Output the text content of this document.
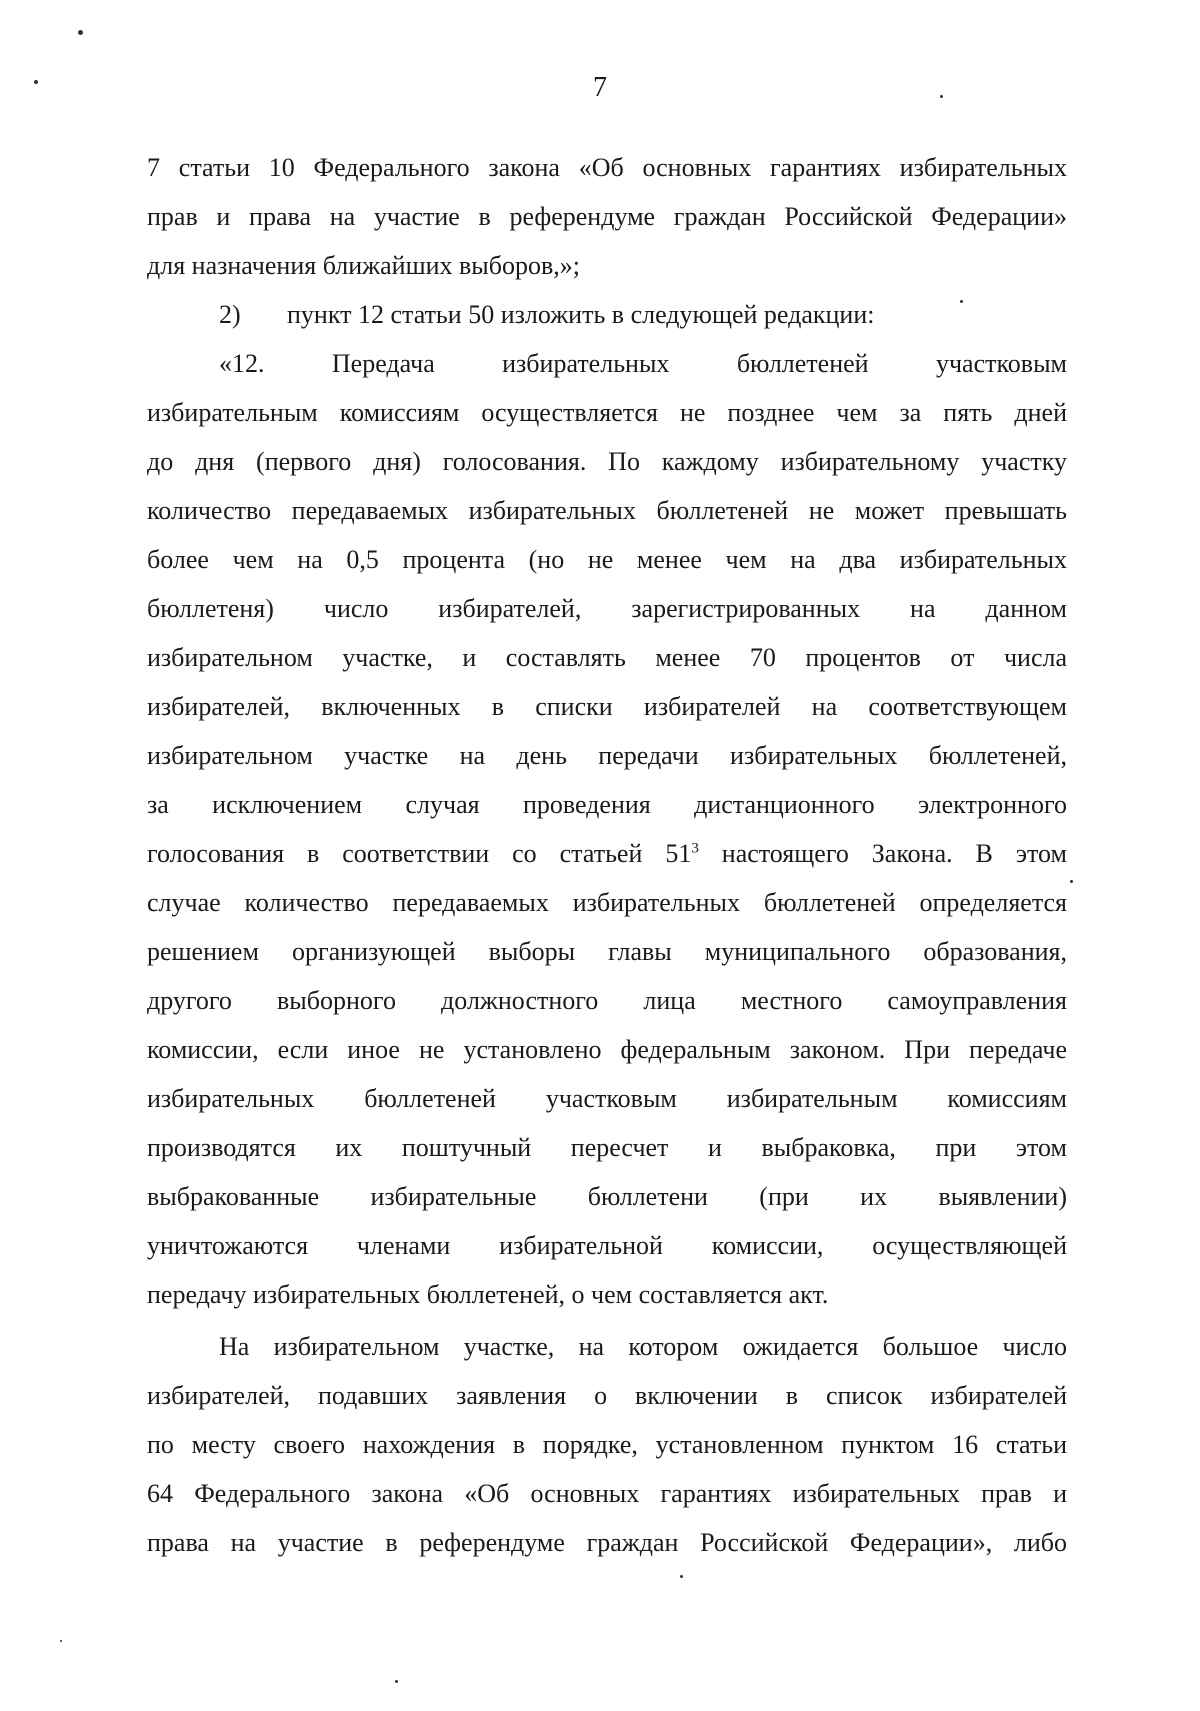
7
7 статьи 10 Федерального закона «Об основных гарантиях избирательных
прав и права на участие в референдуме граждан Российской Федерации»
для назначения ближайших выборов,»;
2) пункт 12 статьи 50 изложить в следующей редакции:
«12. Передача избирательных бюллетеней участковым
избирательным комиссиям осуществляется не позднее чем за пять дней
до дня (первого дня) голосования. По каждому избирательному участку
количество передаваемых избирательных бюллетеней не может превышать
более чем на 0,5 процента (но не менее чем на два избирательных
бюллетеня) число избирателей, зарегистрированных на данном
избирательном участке, и составлять менее 70 процентов от числа
избирателей, включенных в списки избирателей на соответствующем
избирательном участке на день передачи избирательных бюллетеней,
за исключением случая проведения дистанционного электронного
голосования в соответствии со статьей $51^3$ настоящего Закона. В этом
случае количество передаваемых избирательных бюллетеней определяется
решением организующей выборы главы муниципального образования,
другого выборного должностного лица местного самоуправления
комиссии, если иное не установлено федеральным законом. При передаче
избирательных бюллетеней участковым избирательным комиссиям
производятся их поштучный пересчет и выбраковка, при этом
выбракованные избирательные бюллетени (при их выявлении)
уничтожаются членами избирательной комиссии, осуществляющей
передачу избирательных бюллетеней, о чем составляется акт.
На избирательном участке, на котором ожидается большое число
избирателей, подавших заявления о включении в список избирателей
по месту своего нахождения в порядке, установленном пунктом 16 статьи
64 Федерального закона «Об основных гарантиях избирательных прав и
права на участие в референдуме граждан Российской Федерации», либо
